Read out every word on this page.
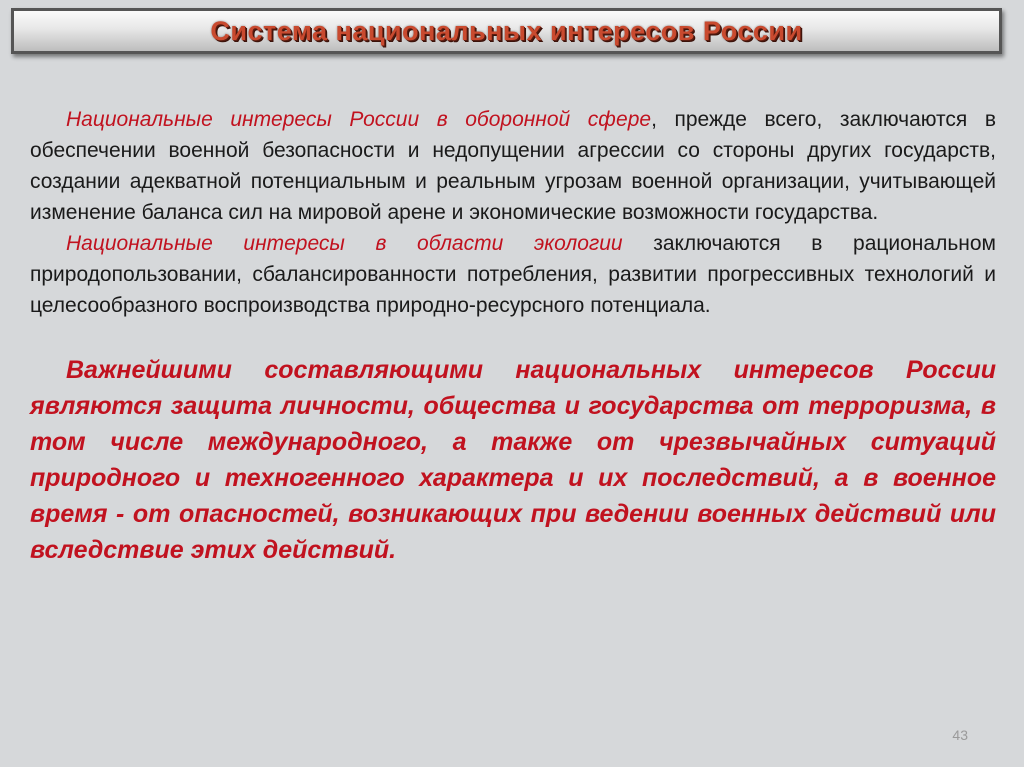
Система национальных интересов России

Национальные интересы России в оборонной сфере, прежде всего, заключаются в обеспечении военной безопасности и недопущении агрессии со стороны других государств, создании адекватной потенциальным и реальным угрозам военной организации, учитывающей изменение баланса сил на мировой арене и экономические возможности государства.

Национальные интересы в области экологии заключаются в рациональном природопользовании, сбалансированности потребления, развитии прогрессивных технологий и целесообразного воспроизводства природно-ресурсного потенциала.

Важнейшими составляющими национальных интересов России являются защита личности, общества и государства от терроризма, в том числе международного, а также от чрезвычайных ситуаций природного и техногенного характера и их последствий, а в военное время - от опасностей, возникающих при ведении военных действий или вследствие этих действий.

43
